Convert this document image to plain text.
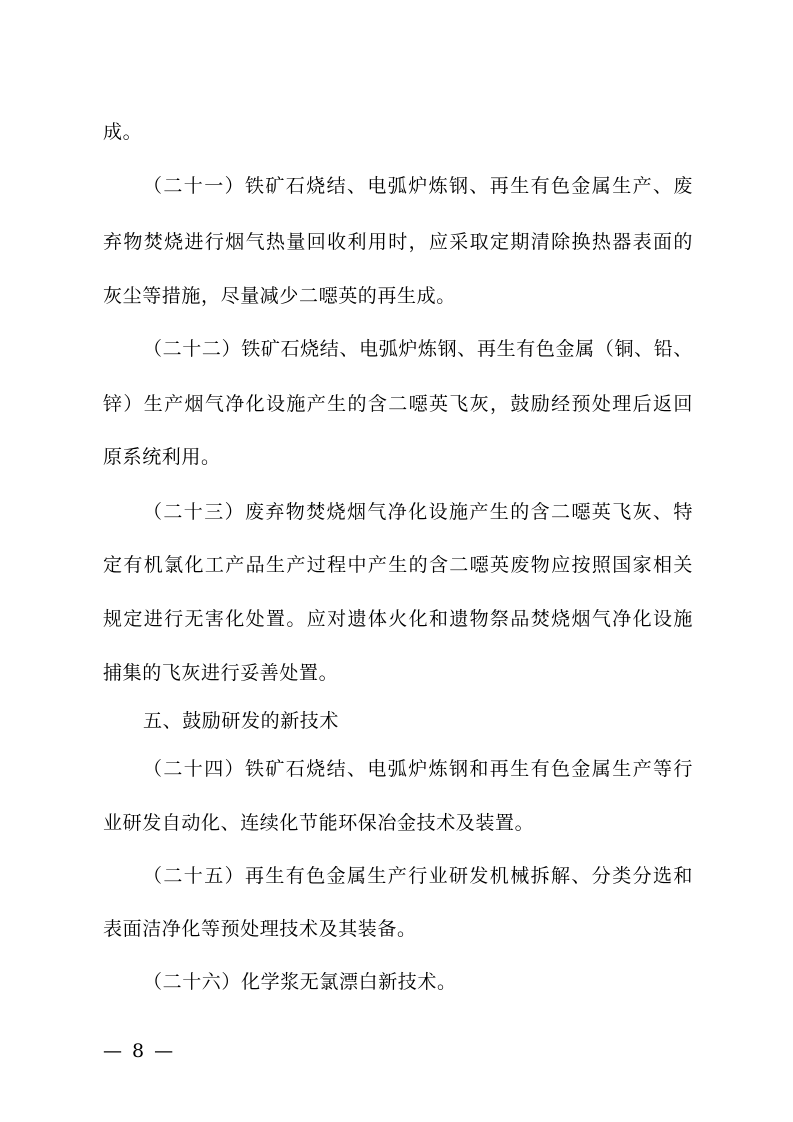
成。
（二十一）铁矿石烧结、电弧炉炼钢、再生有色金属生产、废
弃物焚烧进行烟气热量回收利用时，应采取定期清除换热器表面的
灰尘等措施，尽量减少二噁英的再生成。
（二十二）铁矿石烧结、电弧炉炼钢、再生有色金属（铜、铅、
锌）生产烟气净化设施产生的含二噁英飞灰，鼓励经预处理后返回
原系统利用。
（二十三）废弃物焚烧烟气净化设施产生的含二噁英飞灰、特
定有机氯化工产品生产过程中产生的含二噁英废物应按照国家相关
规定进行无害化处置。应对遗体火化和遗物祭品焚烧烟气净化设施
捕集的飞灰进行妥善处置。
五、鼓励研发的新技术
（二十四）铁矿石烧结、电弧炉炼钢和再生有色金属生产等行
业研发自动化、连续化节能环保冶金技术及装置。
（二十五）再生有色金属生产行业研发机械拆解、分类分选和
表面洁净化等预处理技术及其装备。
（二十六）化学浆无氯漂白新技术。
— 8 —
